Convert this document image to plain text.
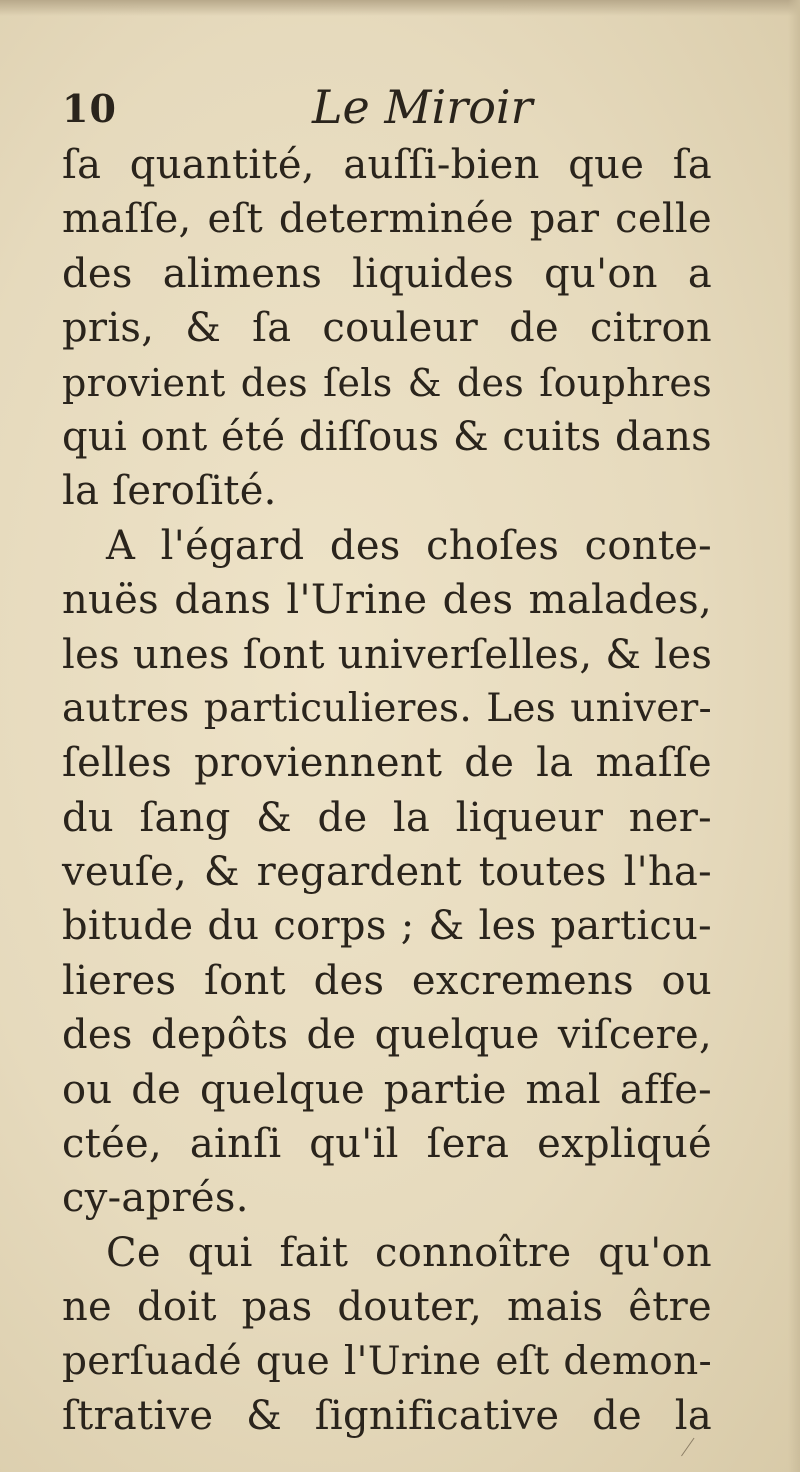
10	Le Miroir
ſa quantité, auſſi-bien que ſa
maſſe, eſt determinée par celle
des alimens liquides qu'on a
pris, & ſa couleur de citron
provient des ſels & des ſouphres
qui ont été diſſous & cuits dans
la ſeroſité.
A l'égard des choſes conte-
nuës dans l'Urine des malades,
les unes ſont univerſelles, & les
autres particulieres. Les univer-
ſelles proviennent de la maſſe
du ſang & de la liqueur ner-
veuſe, & regardent toutes l'ha-
bitude du corps ; & les particu-
lieres ſont des excremens ou
des depôts de quelque viſcere,
ou de quelque partie mal affe-
ctée, ainſi qu'il ſera expliqué
cy-aprés.
Ce qui fait connoître qu'on
ne doit pas douter, mais être
perſuadé que l'Urine eſt demon-
ſtrative & ſignificative de la
